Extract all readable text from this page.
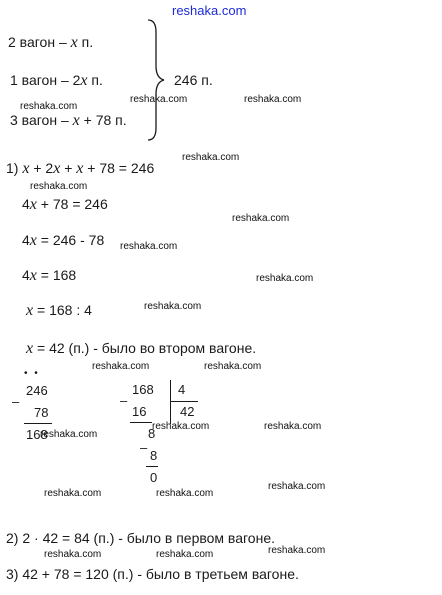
reshaka.com
2 вагон – x п.
1 вагон – 2x п.
3 вагон – x + 78 п.
246 п.
reshaka.com
reshaka.com	reshaka.com
1) x + 2x + x + 78 = 246
reshaka.com
reshaka.com
4x + 78 = 246
reshaka.com
4x = 246 - 78 reshaka.com
4x = 168	reshaka.com
x = 168 : 4	reshaka.com
x = 42 (п.) - было во втором вагоне.
reshaka.com	reshaka.com
• •
–
246
78
168
reshaka.com
–
168 4
16	42
8
–
8
0
reshaka.com	reshaka.com
reshaka.com	reshaka.com
reshaka.com
2) 2 · 42 = 84 (п.) - было в первом вагоне.
reshaka.com	reshaka.com	reshaka.com
3) 42 + 78 = 120 (п.) - было в третьем вагоне.
